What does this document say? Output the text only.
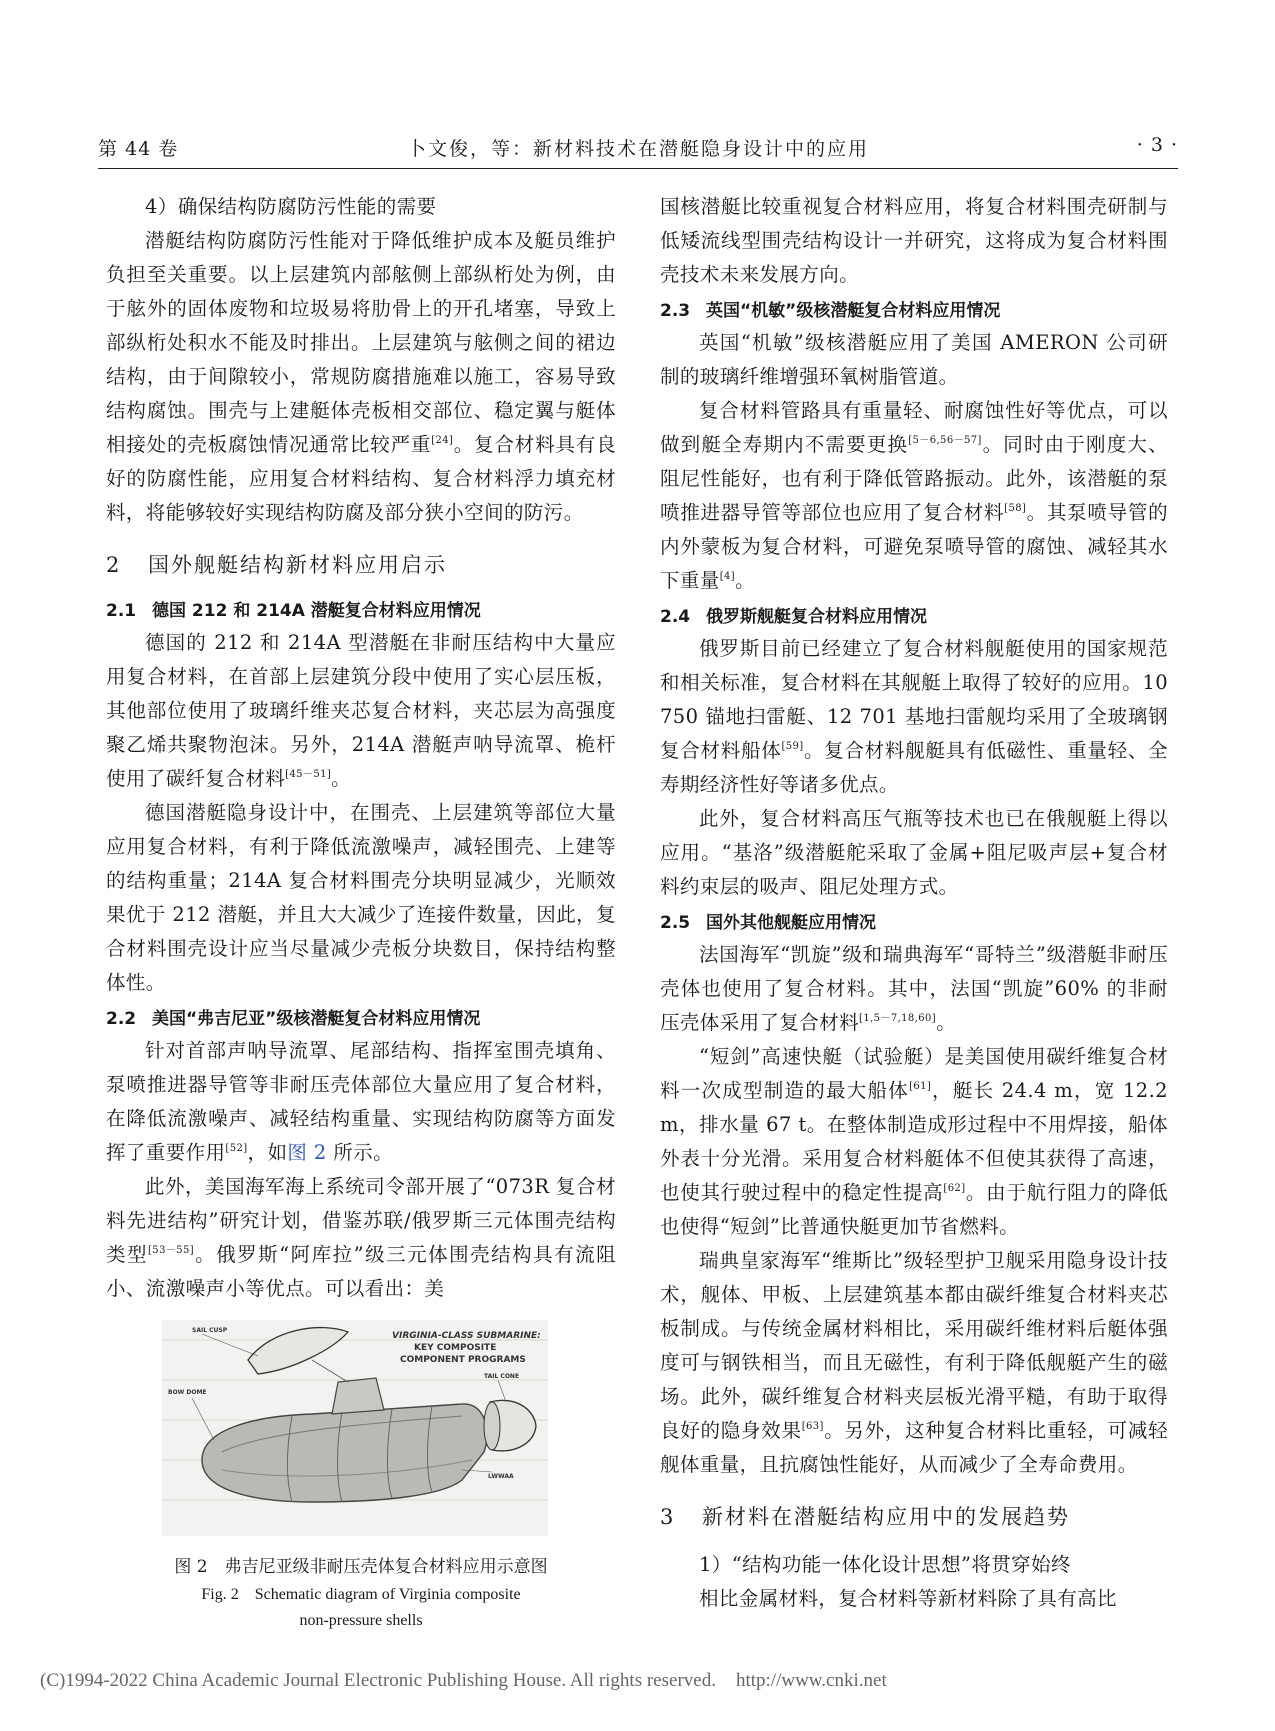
卜文俊，等：新材料技术在潜艇隐身设计中的应用
第 44 卷	· 3 ·

4）确保结构防腐防污性能的需要

潜艇结构防腐防污性能对于降低维护成本及艇员维护负担至关重要。以上层建筑内部舷侧上部纵桁处为例，由于舷外的固体废物和垃圾易将肋骨上的开孔堵塞，导致上部纵桁处积水不能及时排出。上层建筑与舷侧之间的裙边结构，由于间隙较小，常规防腐措施难以施工，容易导致结构腐蚀。围壳与上建艇体壳板相交部位、稳定翼与艇体相接处的壳板腐蚀情况通常比较严重[24]。复合材料具有良好的防腐性能，应用复合材料结构、复合材料浮力填充材料，将能够较好实现结构防腐及部分狭小空间的防污。

2 国外舰艇结构新材料应用启示
2.1 德国 212 和 214A 潜艇复合材料应用情况

德国的 212 和 214A 型潜艇在非耐压结构中大量应用复合材料，在首部上层建筑分段中使用了实心层压板，其他部位使用了玻璃纤维夹芯复合材料，夹芯层为高强度聚乙烯共聚物泡沫。另外，214A 潜艇声呐导流罩、桅杆使用了碳纤复合材料[45－51]。

德国潜艇隐身设计中，在围壳、上层建筑等部位大量应用复合材料，有利于降低流激噪声，减轻围壳、上建等的结构重量；214A 复合材料围壳分块明显减少，光顺效果优于 212 潜艇，并且大大减少了连接件数量，因此，复合材料围壳设计应当尽量减少壳板分块数目，保持结构整体性。

2.2 美国“弗吉尼亚”级核潜艇复合材料应用情况

针对首部声呐导流罩、尾部结构、指挥室围壳填角、泵喷推进器导管等非耐压壳体部位大量应用了复合材料，在降低流激噪声、减轻结构重量、实现结构防腐等方面发挥了重要作用[52]，如图 2 所示。

此外，美国海军海上系统司令部开展了“073R 复合材料先进结构”研究计划，借鉴苏联/俄罗斯三元体围壳结构类型[53－55]。俄罗斯“阿库拉”级三元体围壳结构具有流阻小、流激噪声小等优点。可以看出：美

VIRGINIA-CLASS SUBMARINE:
KEY COMPOSITE
COMPONENT PROGRAMS
SAIL CUSP
BOW DOME
TAIL CONE
LWWAA

图 2　弗吉尼亚级非耐压壳体复合材料应用示意图

Fig. 2　Schematic diagram of Virginia composite

non-pressure shells

国核潜艇比较重视复合材料应用，将复合材料围壳研制与低矮流线型围壳结构设计一并研究，这将成为复合材料围壳技术未来发展方向。

2.3 英国“机敏”级核潜艇复合材料应用情况

英国“机敏”级核潜艇应用了美国 AMERON 公司研制的玻璃纤维增强环氧树脂管道。

复合材料管路具有重量轻、耐腐蚀性好等优点，可以做到艇全寿期内不需要更换[5－6,56－57]。同时由于刚度大、阻尼性能好，也有利于降低管路振动。此外，该潜艇的泵喷推进器导管等部位也应用了复合材料[58]。其泵喷导管的内外蒙板为复合材料，可避免泵喷导管的腐蚀、减轻其水下重量[4]。

2.4 俄罗斯舰艇复合材料应用情况

俄罗斯目前已经建立了复合材料舰艇使用的国家规范和相关标准，复合材料在其舰艇上取得了较好的应用。10 750 锚地扫雷艇、12 701 基地扫雷舰均采用了全玻璃钢复合材料船体[59]。复合材料舰艇具有低磁性、重量轻、全寿期经济性好等诸多优点。

此外，复合材料高压气瓶等技术也已在俄舰艇上得以应用。“基洛”级潜艇舵采取了金属+阻尼吸声层+复合材料约束层的吸声、阻尼处理方式。

2.5 国外其他舰艇应用情况

法国海军“凯旋”级和瑞典海军“哥特兰”级潜艇非耐压壳体也使用了复合材料。其中，法国“凯旋”60% 的非耐压壳体采用了复合材料[1,5－7,18,60]。

“短剑”高速快艇（试验艇）是美国使用碳纤维复合材料一次成型制造的最大船体[61]，艇长 24.4 m，宽 12.2 m，排水量 67 t。在整体制造成形过程中不用焊接，船体外表十分光滑。采用复合材料艇体不但使其获得了高速，也使其行驶过程中的稳定性提高[62]。由于航行阻力的降低也使得“短剑”比普通快艇更加节省燃料。

瑞典皇家海军“维斯比”级轻型护卫舰采用隐身设计技术，舰体、甲板、上层建筑基本都由碳纤维复合材料夹芯板制成。与传统金属材料相比，采用碳纤维材料后艇体强度可与钢铁相当，而且无磁性，有利于降低舰艇产生的磁场。此外，碳纤维复合材料夹层板光滑平糙，有助于取得良好的隐身效果[63]。另外，这种复合材料比重轻，可减轻舰体重量，且抗腐蚀性能好，从而减少了全寿命费用。

3 新材料在潜艇结构应用中的发展趋势

1）“结构功能一体化设计思想”将贯穿始终

相比金属材料，复合材料等新材料除了具有高比

(C)1994-2022 China Academic Journal Electronic Publishing House. All rights reserved. http://www.cnki.net
